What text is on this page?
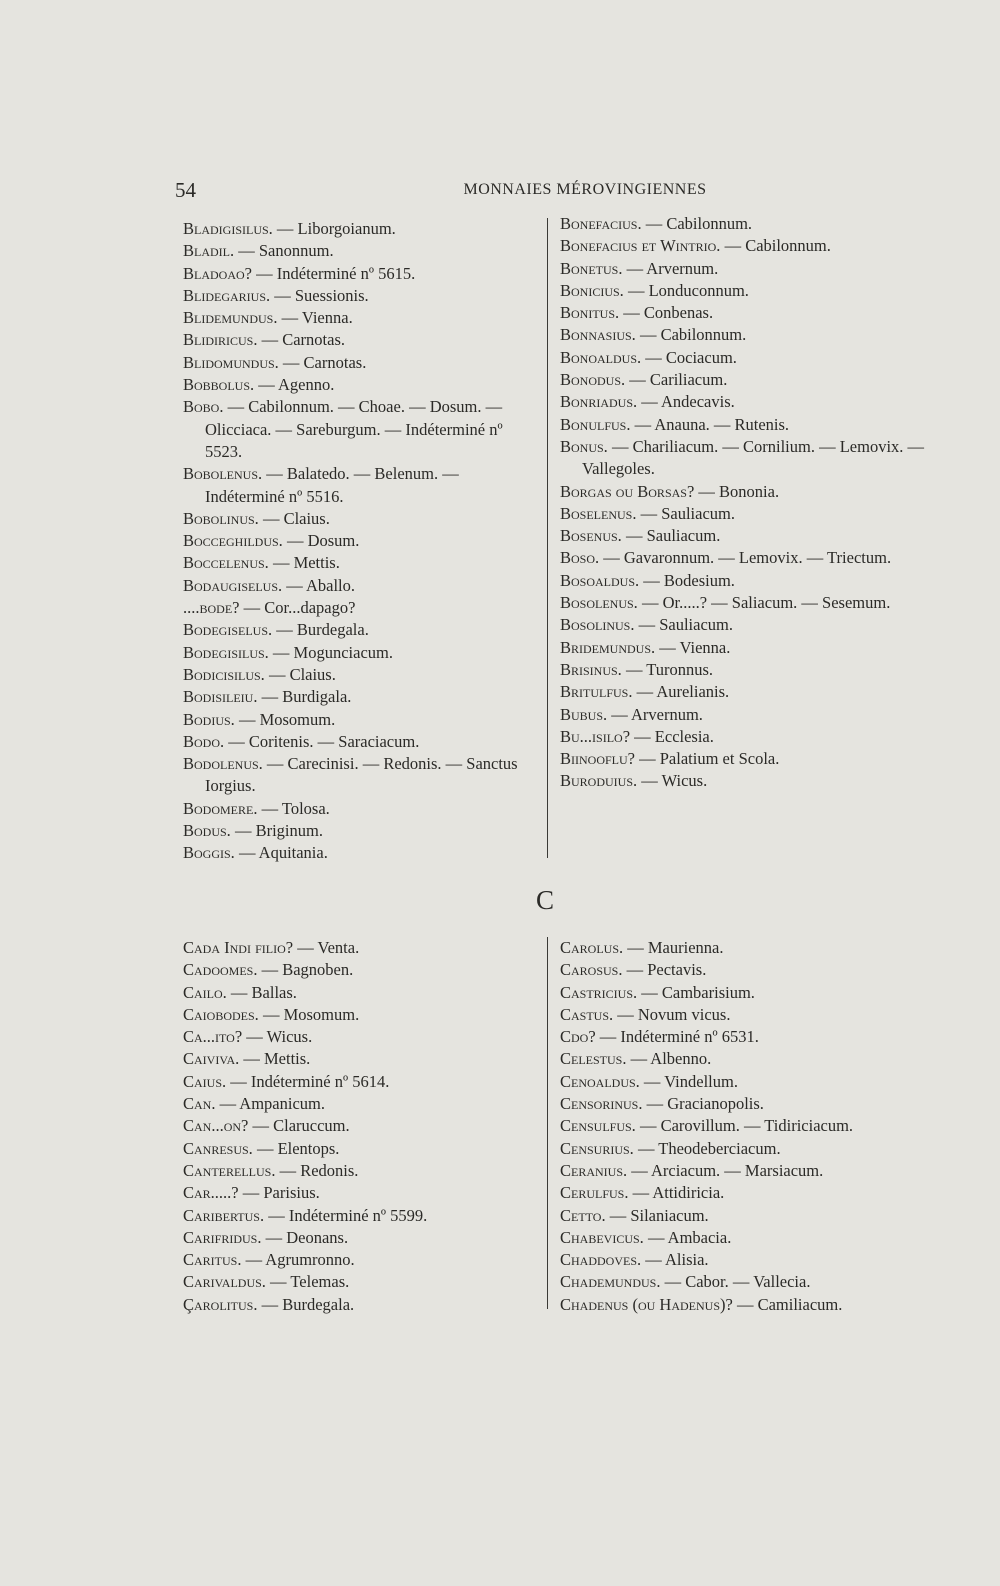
54	MONNAIES MÉROVINGIENNES
Bladigisilus. — Liborgoianum.
Bladil. — Sanonnum.
Bladoao? — Indéterminé nº 5615.
Blidegarius. — Suessionis.
Blidemundus. — Vienna.
Blidiricus. — Carnotas.
Blidomundus. — Carnotas.
Bobbolus. — Agenno.
Bobo. — Cabilonnum. — Choae. — Dosum. — Olicciaca. — Sareburgum. — Indéterminé nº 5523.
Bobolenus. — Balatedo. — Belenum. — Indéterminé nº 5516.
Bobolinus. — Claius.
Bocceghildus. — Dosum.
Boccelenus. — Mettis.
Bodaugiselus. — Aballo.
....bode? — Cor...dapago?
Bodegiselus. — Burdegala.
Bodegisilus. — Mogunciacum.
Bodicisilus. — Claius.
Bodisileiu. — Burdigala.
Bodius. — Mosomum.
Bodo. — Coritenis. — Saraciacum.
Bodolenus. — Carecinisi. — Redonis. — Sanctus Iorgius.
Bodomere. — Tolosa.
Bodus. — Briginum.
Boggis. — Aquitania.
Bonefacius. — Cabilonnum.
Bonefacius et Wintrio. — Cabilonnum.
Bonetus. — Arvernum.
Bonicius. — Londuconnum.
Bonitus. — Conbenas.
Bonnasius. — Cabilonnum.
Bonoaldus. — Cociacum.
Bonodus. — Cariliacum.
Bonriadus. — Andecavis.
Bonulfus. — Anauna. — Rutenis.
Bonus. — Chariliacum. — Cornilium. — Lemovix. — Vallegoles.
Borgas ou Borsas? — Bononia.
Boselenus. — Sauliacum.
Bosenus. — Sauliacum.
Boso. — Gavaronnum. — Lemovix. — Triectum.
Bosoaldus. — Bodesium.
Bosolenus. — Or.....? — Saliacum. — Sesemum.
Bosolinus. — Sauliacum.
Bridemundus. — Vienna.
Brisinus. — Turonnus.
Britulfus. — Aurelianis.
Bubus. — Arvernum.
Bu...isilo? — Ecclesia.
Biinooflu? — Palatium et Scola.
Buroduius. — Wicus.
C
Cada Indi filio? — Venta.
Cadoomes. — Bagnoben.
Cailo. — Ballas.
Caiobodes. — Mosomum.
Ca...ito? — Wicus.
Caiviva. — Mettis.
Caius. — Indéterminé nº 5614.
Can. — Ampanicum.
Can...on? — Claruccum.
Canresus. — Elentops.
Canterellus. — Redonis.
Car.....? — Parisius.
Caribertus. — Indéterminé nº 5599.
Carifridus. — Deonans.
Caritus. — Agrumronno.
Carivaldus. — Telemas.
Çarolitus. — Burdegala.
Carolus. — Maurienna.
Carosus. — Pectavis.
Castricius. — Cambarisium.
Castus. — Novum vicus.
Cdo? — Indéterminé nº 6531.
Celestus. — Albenno.
Cenoaldus. — Vindellum.
Censorinus. — Gracianopolis.
Censulfus. — Carovillum. — Tidiriciacum.
Censurius. — Theodeberciacum.
Ceranius. — Arciacum. — Marsiacum.
Cerulfus. — Attidiricia.
Cetto. — Silaniacum.
Chabevicus. — Ambacia.
Chaddoves. — Alisia.
Chademundus. — Cabor. — Vallecia.
Chadenus (ou Hadenus)? — Camiliacum.
